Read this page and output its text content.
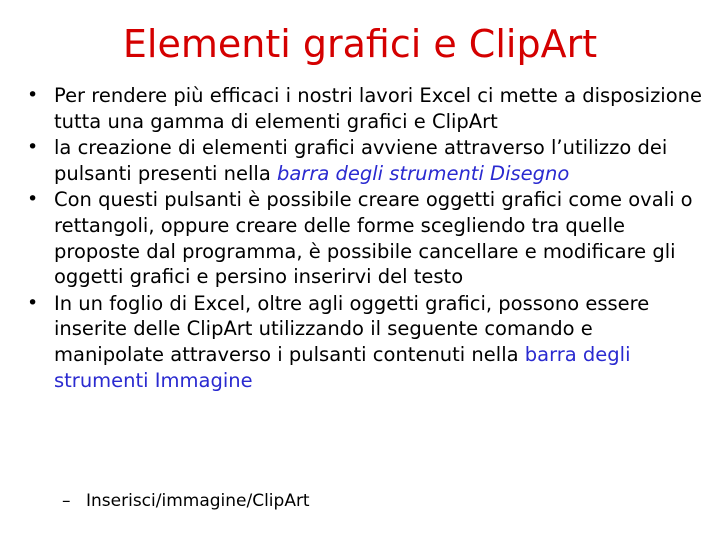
Elementi grafici e ClipArt
• Per rendere più efficaci i nostri lavori Excel ci mette a disposizione tutta una gamma di elementi grafici e ClipArt
• la creazione di elementi grafici avviene attraverso l’utilizzo dei pulsanti presenti nella barra degli strumenti Disegno
• Con questi pulsanti è possibile creare oggetti grafici come ovali o rettangoli, oppure creare delle forme scegliendo tra quelle proposte dal programma, è possibile cancellare e modificare gli oggetti grafici e persino inserirvi del testo
• In un foglio di Excel, oltre agli oggetti grafici, possono essere inserite delle ClipArt utilizzando il seguente comando e manipolate attraverso i pulsanti contenuti nella barra degli strumenti Immagine
– Inserisci/immagine/ClipArt
